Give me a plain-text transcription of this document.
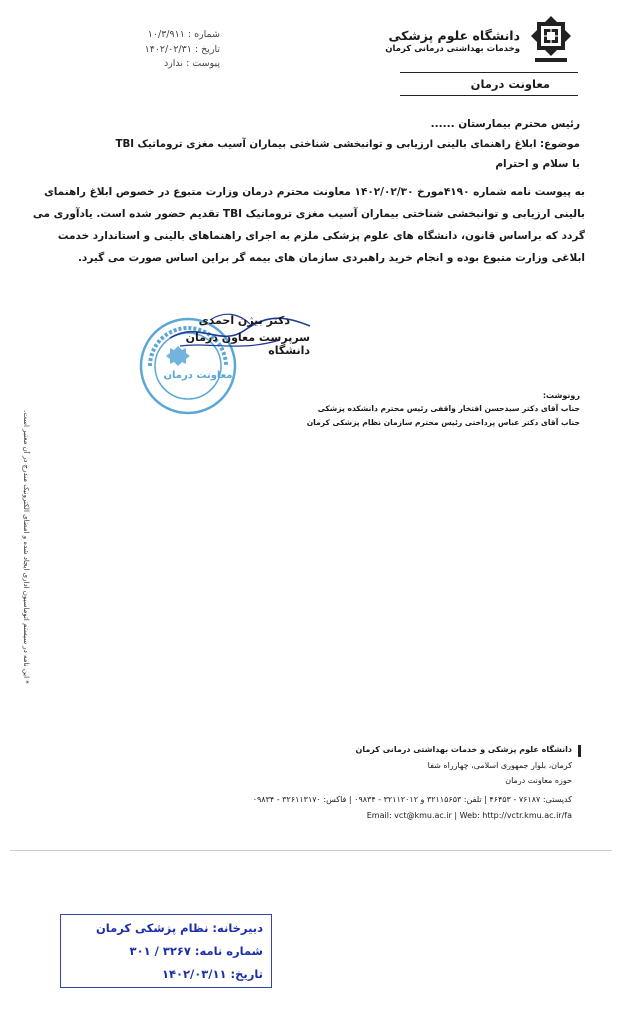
دانشگاه علوم پزشکی
وخدمات بهداشتی درمانی کرمان
معاونت درمان
شماره : ۱۰/۳/۹۱۱
تاریخ : ۱۴۰۲/۰۲/۳۱
پیوست : ندارد
رئیس محترم بیمارستان ......
موضوع: ابلاغ راهنمای بالینی ارزیابی و توانبخشی شناختی بیماران آسیب مغزی تروماتیک TBI
با سلام و احترام
به پیوست نامه شماره ۴۱۹۰مورخ ۱۴۰۲/۰۲/۳۰ معاونت محترم درمان وزارت متبوع در خصوص ابلاغ راهنمای بالینی ارزیابی و توانبخشی شناختی بیماران آسیب مغزی تروماتیک TBI تقدیم حضور شده است. یادآوری می گردد که براساس قانون، دانشگاه های علوم پزشکی ملزم به اجرای راهنماهای بالینی و استاندارد خدمت ابلاغی وزارت متبوع بوده و انجام خرید راهبردی سازمان های بیمه گر براین اساس صورت می گیرد.
معاونت درمان
دکتر بیژن احمدی
سرپرست معاون درمان دانشگاه
رونوشت:
جناب آقای دکتر سیدحسن افتخار واقفی رئیس محترم دانشکده پزشکی
جناب آقای دکتر عباس پرداختی رئیس محترم سازمان نظام پزشکی کرمان
* این نامه در سیستم اتوماسیون اداری ایجاد شده و امضای الکترونیک مندرج در آن معتبر است.
دانشگاه علوم پزشکی و خدمات بهداشتی درمانی کرمان
کرمان، بلوار جمهوری اسلامی، چهارراه شفا
حوزه معاونت درمان
کدپستی: ۷۶۱۸۷ - ۴۶۴۵۳ | تلفن: ۳۲۱۱۵۶۵۳ و ۳۲۱۱۲۰۱۲ - ۰۹۸۳۴ | فاکس: ۳۲۶۱۱۳۱۷۰ - ۰۹۸۳۴
Email: vct@kmu.ac.ir | Web: http://vctr.kmu.ac.ir/fa
دبیرخانه: نظام پزشکی کرمان
شماره نامه: ۳۲۶۷ / ۳۰۱
تاریخ: ۱۴۰۲/۰۳/۱۱
